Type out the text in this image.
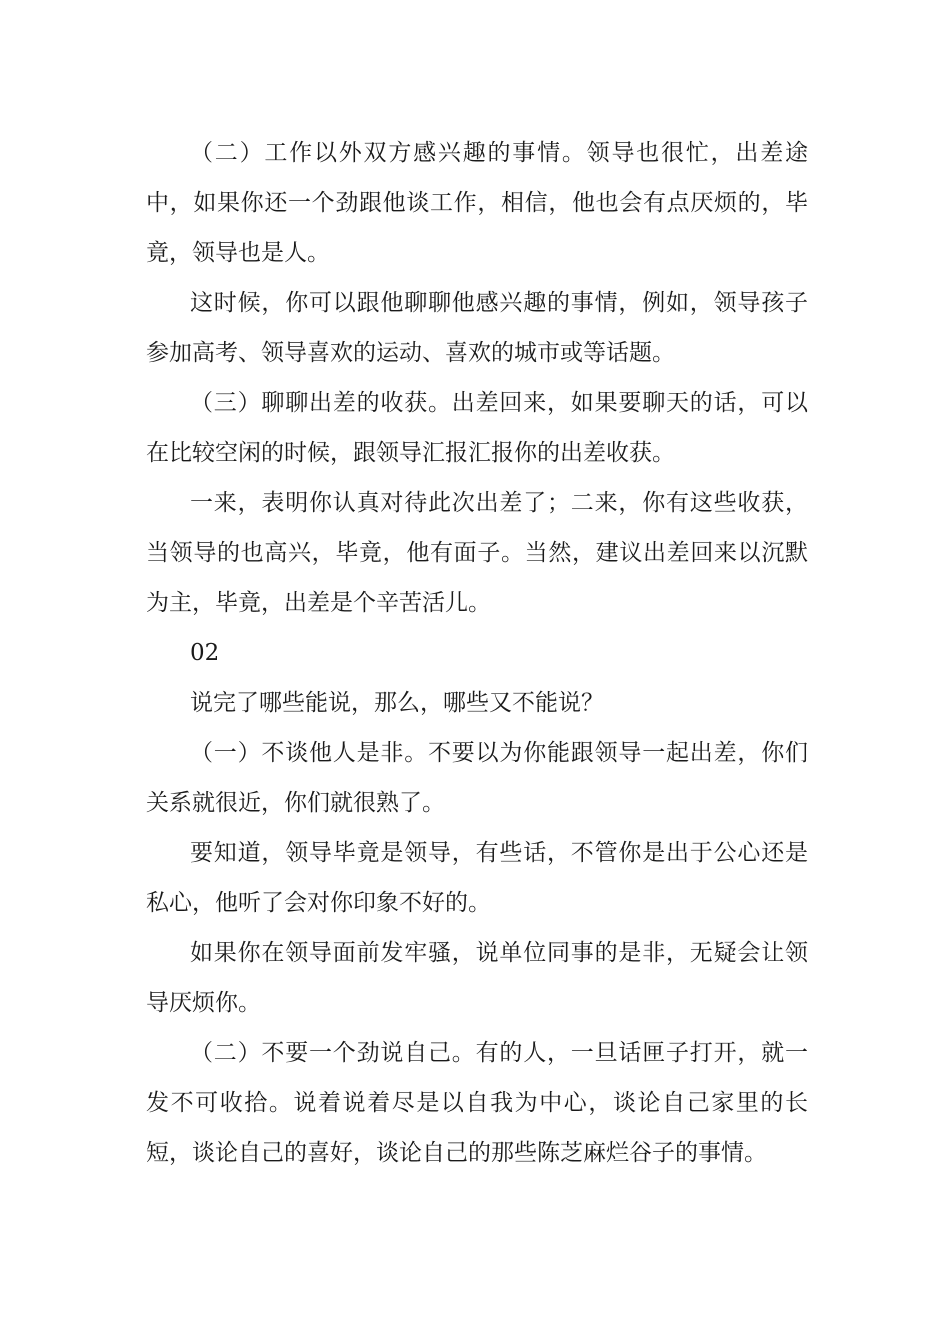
（二）工作以外双方感兴趣的事情。领导也很忙，出差途中，如果你还一个劲跟他谈工作，相信，他也会有点厌烦的，毕竟，领导也是人。

这时候，你可以跟他聊聊他感兴趣的事情，例如，领导孩子参加高考、领导喜欢的运动、喜欢的城市或等话题。

（三）聊聊出差的收获。出差回来，如果要聊天的话，可以在比较空闲的时候，跟领导汇报汇报你的出差收获。

一来，表明你认真对待此次出差了；二来，你有这些收获，当领导的也高兴，毕竟，他有面子。当然，建议出差回来以沉默为主，毕竟，出差是个辛苦活儿。

02

说完了哪些能说，那么，哪些又不能说？

（一）不谈他人是非。不要以为你能跟领导一起出差，你们关系就很近，你们就很熟了。

要知道，领导毕竟是领导，有些话，不管你是出于公心还是私心，他听了会对你印象不好的。

如果你在领导面前发牢骚，说单位同事的是非，无疑会让领导厌烦你。

（二）不要一个劲说自己。有的人，一旦话匣子打开，就一发不可收拾。说着说着尽是以自我为中心，谈论自己家里的长短，谈论自己的喜好，谈论自己的那些陈芝麻烂谷子的事情。
